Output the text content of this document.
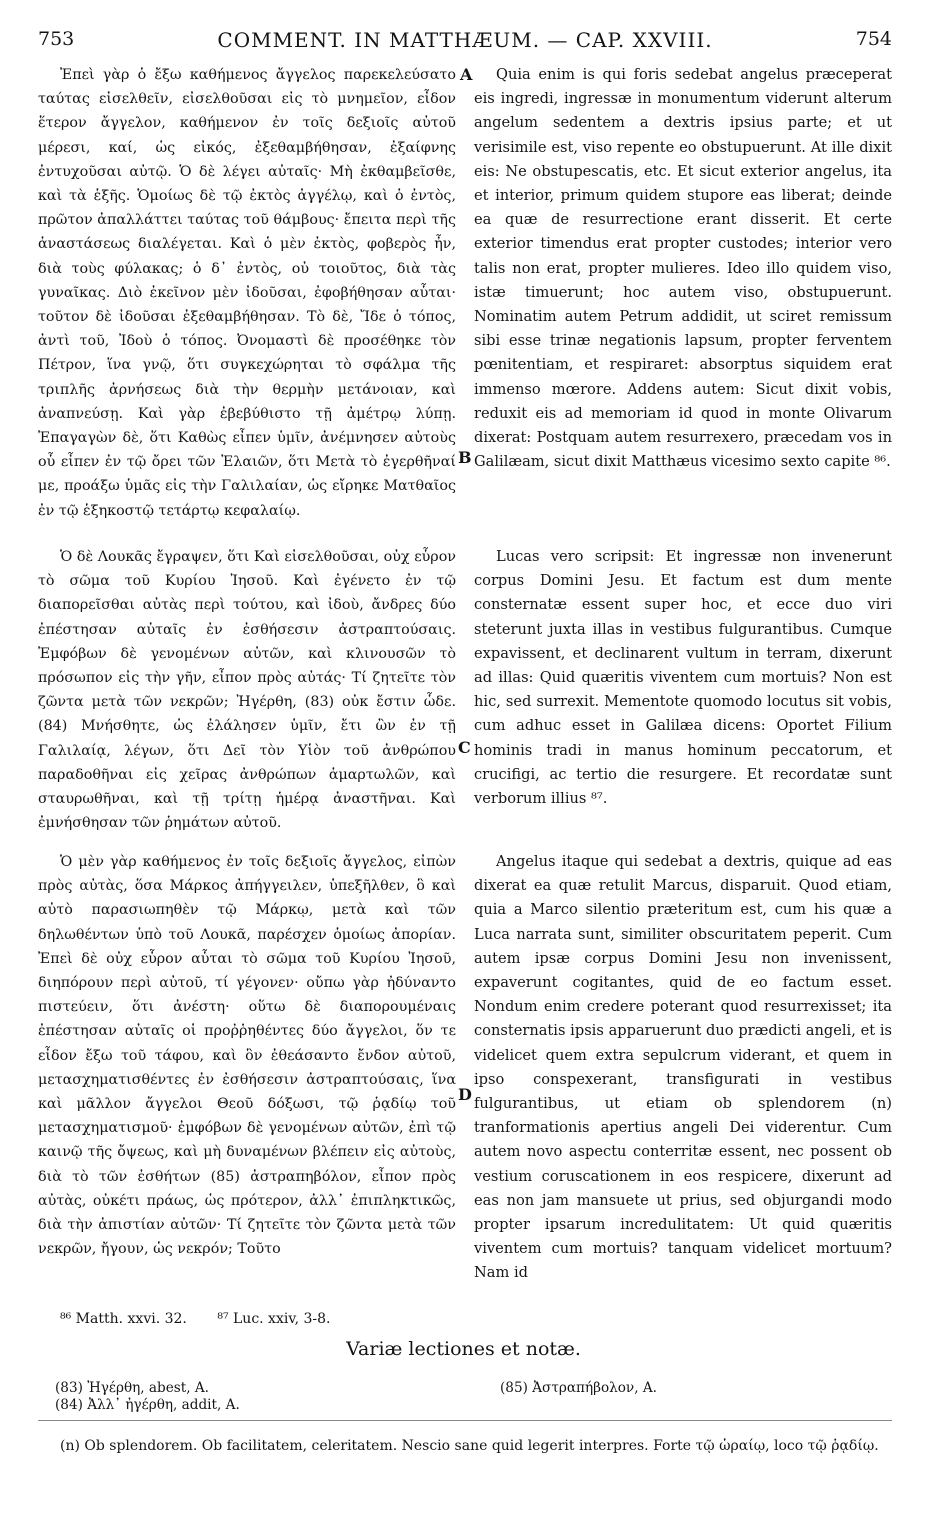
753	COMMENT. IN MATTHÆUM. — CAP. XXVIII.	754

Ἐπεὶ γὰρ ὁ ἔξω καθήμενος ἄγγελος παρεκελεύσατο ταύτας εἰσελθεῖν, εἰσελθοῦσαι εἰς τὸ μνημεῖον, εἶδον ἕτερον ἄγγελον, καθήμενον ἐν τοῖς δεξιοῖς αὐτοῦ μέρεσι, καί, ὡς εἰκός, ἐξεθαμβήθησαν, ἐξαίφνης ἐντυχοῦσαι αὐτῷ. Ὁ δὲ λέγει αὐταῖς· Μὴ ἐκθαμβεῖσθε, καὶ τὰ ἑξῆς. Ὁμοίως δὲ τῷ ἐκτὸς ἀγγέλῳ, καὶ ὁ ἐντὸς, πρῶτον ἀπαλλάττει ταύτας τοῦ θάμβους· ἔπειτα περὶ τῆς ἀναστάσεως διαλέγεται. Καὶ ὁ μὲν ἐκτὸς, φοβερὸς ἦν, διὰ τοὺς φύλακας; ὁ δ᾽ ἐντὸς, οὐ τοιοῦτος, διὰ τὰς γυναῖκας. Διὸ ἐκεῖνον μὲν ἰδοῦσαι, ἐφοβήθησαν αὗται· τοῦτον δὲ ἰδοῦσαι ἐξεθαμβήθησαν. Τὸ δὲ, Ἴδε ὁ τόπος, ἀντὶ τοῦ, Ἰδοὺ ὁ τόπος. Ὀνομαστὶ δὲ προσέθηκε τὸν Πέτρον, ἵνα γνῷ, ὅτι συγκεχώρηται τὸ σφάλμα τῆς τριπλῆς ἀρνήσεως διὰ τὴν θερμὴν μετάνοιαν, καὶ ἀναπνεύσῃ. Καὶ γὰρ ἐβεβύθιστο τῇ ἀμέτρῳ λύπῃ. Ἐπαγαγὼν δὲ, ὅτι Καθὼς εἶπεν ὑμῖν, ἀνέμνησεν αὐτοὺς οὗ εἶπεν ἐν τῷ ὄρει τῶν Ἐλαιῶν, ὅτι Μετὰ τὸ ἐγερθῆναί με, προάξω ὑμᾶς εἰς τὴν Γαλιλαίαν, ὡς εἴρηκε Ματθαῖος ἐν τῷ ἑξηκοστῷ τετάρτῳ κεφαλαίῳ.

Ὁ δὲ Λουκᾶς ἔγραψεν, ὅτι Καὶ εἰσελθοῦσαι, οὐχ εὗρον τὸ σῶμα τοῦ Κυρίου Ἰησοῦ. Καὶ ἐγένετο ἐν τῷ διαπορεῖσθαι αὐτὰς περὶ τούτου, καὶ ἰδοὺ, ἄνδρες δύο ἐπέστησαν αὐταῖς ἐν ἐσθήσεσιν ἀστραπτούσαις. Ἐμφόβων δὲ γενομένων αὐτῶν, καὶ κλινουσῶν τὸ πρόσωπον εἰς τὴν γῆν, εἶπον πρὸς αὐτάς· Τί ζητεῖτε τὸν ζῶντα μετὰ τῶν νεκρῶν; Ἠγέρθη, (83) οὐκ ἔστιν ὧδε. (84) Μνήσθητε, ὡς ἐλάλησεν ὑμῖν, ἔτι ὢν ἐν τῇ Γαλιλαίᾳ, λέγων, ὅτι Δεῖ τὸν Υἱὸν τοῦ ἀνθρώπου παραδοθῆναι εἰς χεῖρας ἀνθρώπων ἁμαρτωλῶν, καὶ σταυρωθῆναι, καὶ τῇ τρίτῃ ἡμέρᾳ ἀναστῆναι. Καὶ ἐμνήσθησαν τῶν ῥημάτων αὐτοῦ.

Ὁ μὲν γὰρ καθήμενος ἐν τοῖς δεξιοῖς ἄγγελος, εἰπὼν πρὸς αὐτὰς, ὅσα Μάρκος ἀπήγγειλεν, ὑπεξῆλθεν, ὃ καὶ αὐτὸ παρασιωπηθὲν τῷ Μάρκῳ, μετὰ καὶ τῶν δηλωθέντων ὑπὸ τοῦ Λουκᾶ, παρέσχεν ὁμοίως ἀπορίαν. Ἐπεὶ δὲ οὐχ εὗρον αὗται τὸ σῶμα τοῦ Κυρίου Ἰησοῦ, διηπόρουν περὶ αὐτοῦ, τί γέγονεν· οὔπω γὰρ ἠδύναντο πιστεύειν, ὅτι ἀνέστη· οὕτω δὲ διαπορουμέναις ἐπέστησαν αὐταῖς οἱ προῤῥηθέντες δύο ἄγγελοι, ὅν τε εἶδον ἔξω τοῦ τάφου, καὶ ὃν ἐθεάσαντο ἔνδον αὐτοῦ, μετασχηματισθέντες ἐν ἐσθήσεσιν ἀστραπτούσαις, ἵνα καὶ μᾶλλον ἄγγελοι Θεοῦ δόξωσι, τῷ ῥᾳδίῳ τοῦ μετασχηματισμοῦ· ἐμφόβων δὲ γενομένων αὐτῶν, ἐπὶ τῷ καινῷ τῆς ὄψεως, καὶ μὴ δυναμένων βλέπειν εἰς αὐτοὺς, διὰ τὸ τῶν ἐσθήτων (85) ἀστραπηβόλον, εἶπον πρὸς αὐτὰς, οὐκέτι πράως, ὡς πρότερον, ἀλλ᾽ ἐπιπληκτικῶς, διὰ τὴν ἀπιστίαν αὐτῶν· Τί ζητεῖτε τὸν ζῶντα μετὰ τῶν νεκρῶν, ἤγουν, ὡς νεκρόν; Τοῦτο

Quia enim is qui foris sedebat angelus præceperat eis ingredi, ingressæ in monumentum viderunt alterum angelum sedentem a dextris ipsius parte; et ut verisimile est, viso repente eo obstupuerunt. At ille dixit eis: Ne obstupescatis, etc. Et sicut exterior angelus, ita et interior, primum quidem stupore eas liberat; deinde ea quæ de resurrectione erant disserit. Et certe exterior timendus erat propter custodes; interior vero talis non erat, propter mulieres. Ideo illo quidem viso, istæ timuerunt; hoc autem viso, obstupuerunt. Nominatim autem Petrum addidit, ut sciret remissum sibi esse trinæ negationis lapsum, propter ferventem pœnitentiam, et respiraret: absorptus siquidem erat immenso mœrore. Addens autem: Sicut dixit vobis, reduxit eis ad memoriam id quod in monte Olivarum dixerat: Postquam autem resurrexero, præcedam vos in Galilæam, sicut dixit Matthæus vicesimo sexto capite ⁸⁶.

Lucas vero scripsit: Et ingressæ non invenerunt corpus Domini Jesu. Et factum est dum mente consternatæ essent super hoc, et ecce duo viri steterunt juxta illas in vestibus fulgurantibus. Cumque expavissent, et declinarent vultum in terram, dixerunt ad illas: Quid quæritis viventem cum mortuis? Non est hic, sed surrexit. Mementote quomodo locutus sit vobis, cum adhuc esset in Galilæa dicens: Oportet Filium hominis tradi in manus hominum peccatorum, et crucifigi, ac tertio die resurgere. Et recordatæ sunt verborum illius ⁸⁷.

Angelus itaque qui sedebat a dextris, quique ad eas dixerat ea quæ retulit Marcus, disparuit. Quod etiam, quia a Marco silentio præteritum est, cum his quæ a Luca narrata sunt, similiter obscuritatem peperit. Cum autem ipsæ corpus Domini Jesu non invenissent, expaverunt cogitantes, quid de eo factum esset. Nondum enim credere poterant quod resurrexisset; ita consternatis ipsis apparuerunt duo prædicti angeli, et is videlicet quem extra sepulcrum viderant, et quem in ipso conspexerant, transfigurati in vestibus fulgurantibus, ut etiam ob splendorem (n) tranformationis apertius angeli Dei viderentur. Cum autem novo aspectu conterritæ essent, nec possent ob vestium coruscationem in eos respicere, dixerunt ad eas non jam mansuete ut prius, sed objurgandi modo propter ipsarum incredulitatem: Ut quid quæritis viventem cum mortuis? tanquam videlicet mortuum? Nam id

A
B
C
D
⁸⁶ Matth. xxvi. 32. ⁸⁷ Luc. xxiv, 3-8.
Variæ lectiones et notæ.
(83) Ἠγέρθη, abest, A.
(84) Ἀλλ᾽ ἠγέρθη, addit, A.
(85) Ἀστραπήβολον, A.
(n) Ob splendorem. Ob facilitatem, celeritatem. Nescio sane quid legerit interpres. Forte τῷ ὡραίῳ, loco τῷ ῥᾳδίῳ.
